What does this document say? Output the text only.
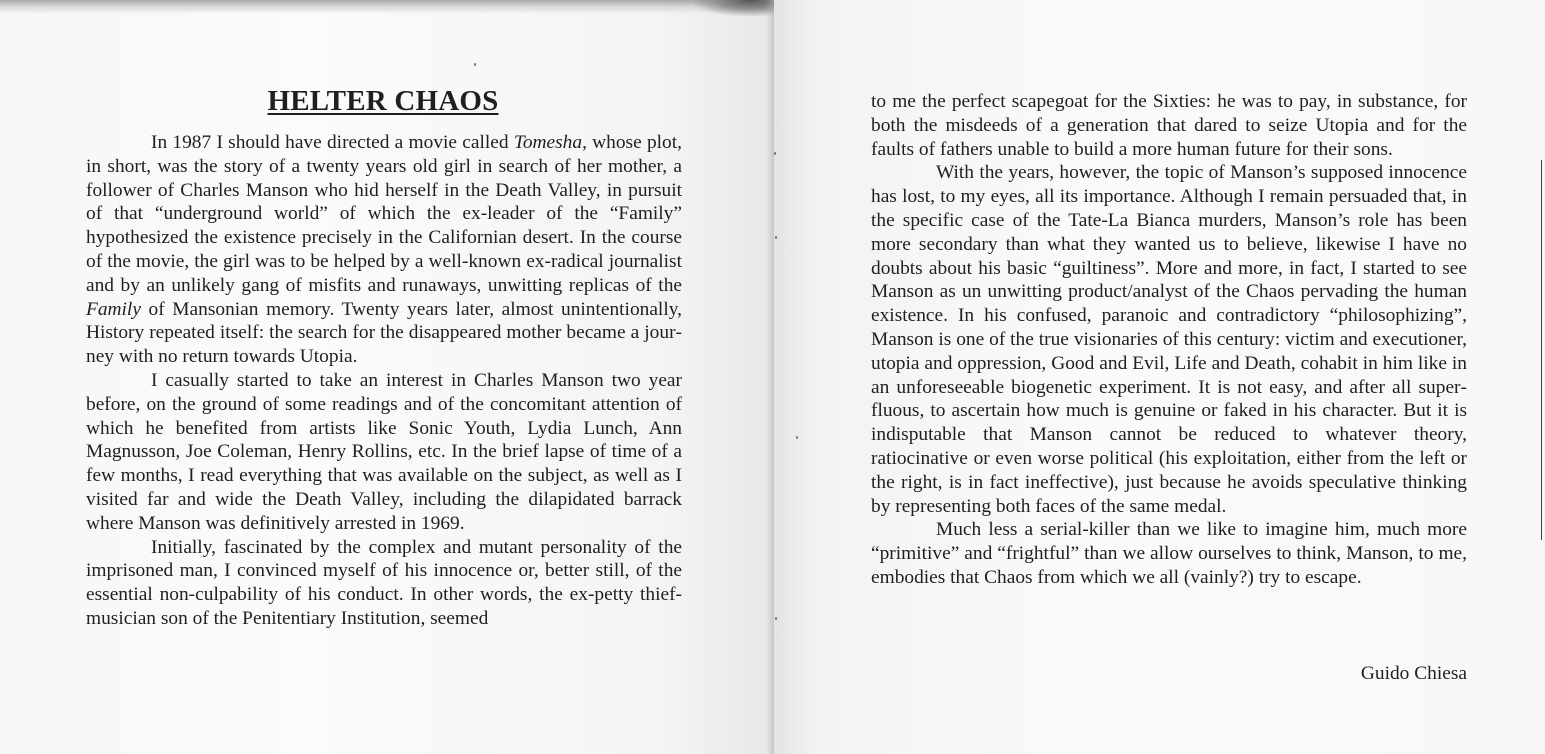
HELTER CHAOS

In 1987 I should have directed a movie called Tomesha, whose plot, in short, was the story of a twenty years old girl in search of her mother, a follower of Charles Manson who hid herself in the Death Valley, in pursuit of that “underground world” of which the ex-leader of the “Family” hypothesized the existence precisely in the Californian desert. In the course of the movie, the girl was to be helped by a well-known ex-radical journalist and by an unlikely gang of misfits and runaways, unwitting replicas of the Family of Mansonian memory. Twenty years later, almost unintentionally, History repeated itself: the search for the disappeared mother became a journey with no return towards Utopia.

I casually started to take an interest in Charles Manson two year before, on the ground of some readings and of the concomitant attention of which he benefited from artists like Sonic Youth, Lydia Lunch, Ann Magnusson, Joe Coleman, Henry Rollins, etc. In the brief lapse of time of a few months, I read everything that was available on the subject, as well as I visited far and wide the Death Valley, including the dilapidated barrack where Manson was definitively arrested in 1969.

Initially, fascinated by the complex and mutant personality of the imprisoned man, I convinced myself of his innocence or, better still, of the essential non-culpability of his conduct. In other words, the ex-petty thief-musician son of the Penitentiary Institution, seemed

to me the perfect scapegoat for the Sixties: he was to pay, in substance, for both the misdeeds of a generation that dared to seize Utopia and for the faults of fathers unable to build a more human future for their sons.

With the years, however, the topic of Manson’s supposed innocence has lost, to my eyes, all its importance. Although I remain persuaded that, in the specific case of the Tate-La Bianca murders, Manson’s role has been more secondary than what they wanted us to believe, likewise I have no doubts about his basic “guiltiness”. More and more, in fact, I started to see Manson as un unwitting product/analyst of the Chaos pervading the human existence. In his confused, paranoic and contradictory “philosophizing”, Manson is one of the true visionaries of this century: victim and executioner, utopia and oppression, Good and Evil, Life and Death, cohabit in him like in an unforeseeable biogenetic experiment. It is not easy, and after all superfluous, to ascertain how much is genuine or faked in his character. But it is indisputable that Manson cannot be reduced to whatever theory, ratiocinative or even worse political (his exploitation, either from the left or the right, is in fact ineffective), just because he avoids speculative thinking by representing both faces of the same medal.

Much less a serial-killer than we like to imagine him, much more “primitive” and “frightful” than we allow ourselves to think, Manson, to me, embodies that Chaos from which we all (vainly?) try to escape.

Guido Chiesa
